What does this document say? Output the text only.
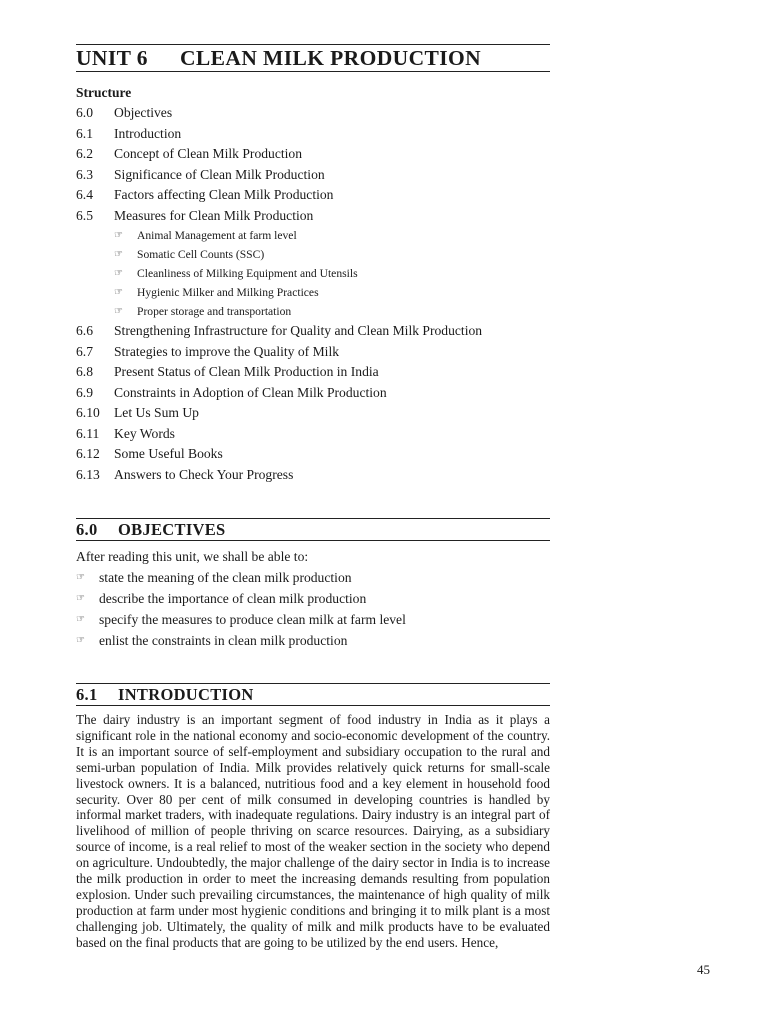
UNIT 6	CLEAN MILK PRODUCTION
Structure
6.0	Objectives
6.1	Introduction
6.2	Concept of Clean Milk Production
6.3	Significance of Clean Milk Production
6.4	Factors affecting Clean Milk Production
6.5	Measures for Clean Milk Production
☞	Animal Management at farm level
☞	Somatic Cell Counts (SSC)
☞	Cleanliness of Milking Equipment and Utensils
☞	Hygienic Milker and Milking Practices
☞	Proper storage and transportation
6.6	Strengthening Infrastructure for Quality and Clean Milk Production
6.7	Strategies to improve the Quality of Milk
6.8	Present Status of Clean Milk Production in India
6.9	Constraints in Adoption of Clean Milk Production
6.10	Let Us Sum Up
6.11	Key Words
6.12	Some Useful Books
6.13	Answers to Check Your Progress
6.0	OBJECTIVES
After reading this unit, we shall be able to:
☞	state the meaning of the clean milk production
☞	describe the importance of clean milk production
☞	specify the measures to produce clean milk at farm level
☞	enlist the constraints in clean milk production
6.1	INTRODUCTION
The dairy industry is an important segment of food industry in India as it plays a significant role in the national economy and socio-economic development of the country. It is an important source of self-employment and subsidiary occupation to the rural and semi-urban population of India. Milk provides relatively quick returns for small-scale livestock owners. It is a balanced, nutritious food and a key element in household food security. Over 80 per cent of milk consumed in developing countries is handled by informal market traders, with inadequate regulations. Dairy industry is an integral part of livelihood of million of people thriving on scarce resources. Dairying, as a subsidiary source of income, is a real relief to most of the weaker section in the society who depend on agriculture. Undoubtedly, the major challenge of the dairy sector in India is to increase the milk production in order to meet the increasing demands resulting from population explosion. Under such prevailing circumstances, the maintenance of high quality of milk production at farm under most hygienic conditions and bringing it to milk plant is a most challenging job. Ultimately, the quality of milk and milk products have to be evaluated based on the final products that are going to be utilized by the end users. Hence,
45
